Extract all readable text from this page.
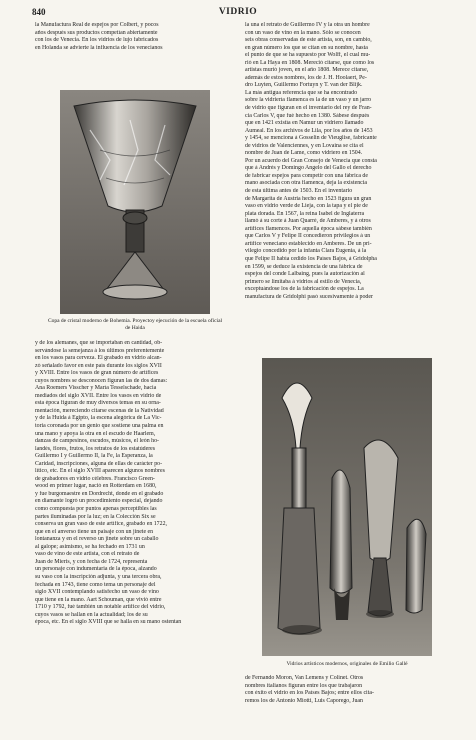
840	VIDRIO
la Manufactura Real de espejos por Colbert, y pocos
años después sus productos competían abiertamente
con los de Venecia. En los vidrios de lujo fabricados
en Holanda se advierte la influencia de los venecianos
Copa de cristal moderno de Bohemia. Proyectoy ejecución de la escuela oficial de Haida
y de los alemanes, que se importaban en cantidad, ob-
servándose la semejanza á los últimos preferentemente
en los vasos para cerveza. El grabado en vidrio alcan-
zó señalado favor en este país durante los siglos XVII
y XVIII. Entre los vasos de gran número de artífices
cuyos nombres se desconocen figuran las de dos damas:
Ana Roemers Visscher y María Tesselschade, hacia
mediados del siglo XVII. Entre los vasos en vidrio de
esta época figuran de muy diversos temas en su orna-
mentación, mereciendo citarse escenas de la Natividad
y de la Huida á Egipto, la escena alegórica de La Vic-
toria coronada por un genio que sostiene una palma en
una mano y apoya la otra en el escudo de Haarlem,
danzas de campesinos, escudos, músicos, el león ho-
landés, flores, frutos, los retratos de los estatúderes
Guillermo I y Guillermo II, la Fe, la Esperanza, la
Caridad, inscripciones, alguna de ellas de carácter po-
lítico, etc. En el siglo XVIII aparecen algunos nombres
de grabadores en vidrio célebres. Francisco Green-
wood en primer lugar, nació en Rotterdam en 1680,
y fue burgomaestre en Dordrecht, donde en el grabado
en diamante logró un procedimiento especial, dejando
como compuesta por puntos apenas perceptibles las
partes iluminadas por la luz; en la Colección Six se
conserva un gran vaso de este artífice, grabado en 1722,
que en el anverso tiene un paisaje con un jinete en
lontananza y en el reverso un jinete sobre un caballo
al galope; asimismo, se ha fechado en 1731 un
vaso de vino de este artista, con el retrato de
Juan de Mieris, y con fecha de 1724, representa
un personaje con indumentaria de la época, alzando
su vaso con la inscripción adjunta, y una tercera obra,
fechada en 1743, tiene como tema un personaje del
siglo XVII contemplando satisfecho un vaso de vino
que tiene en la mano. Aart Schouman, que vivió entre
1710 y 1792, fué también un notable artífice del vidrio,
cuyos vasos se hallan en la actualidad; los de su
época, etc. En el siglo XVIII que se halla en su mano ostentan
la una el retrato de Guillermo IV y la otra un hombre
con un vaso de vino en la mano. Sólo se conocen
seis obras conservadas de este artista, son, en cambio,
en gran número los que se citan en su nombre, hasta
el punto de que se ha supuesto por Wolff, el cual mu-
rió en La Haya en 1808. Mereció citarse, que como los
artistas murió joven, en el año 1808. Merece citarse,
además de estos nombres, los de J. H. Hoolaert, Pe-
dro Luyten, Guillermo Fortuyn y T. van der Blijk.
La más antigua referencia que se ha encontrado
sobre la vidriería flamenca es la de un vaso y un jarro
de vidrio que figuran en el inventario del rey de Fran-
cia Carlos V, que fué hecho en 1380. Sábese después
que en 1421 existía en Namur un vidriero llamado
Aumeal. En los archivos de Lila, por los años de 1453
y 1454, se menciona á Gosselin de Vieuglise, fabricante
de vidrios de Valenciennes, y en Lovaina se cita el
nombre de Juan de Lame, como vidriero en 1504.
Por un acuerdo del Gran Consejo de Venecia que consta
que á Andrés y Domingo Angelo del Gallo el derecho
de fabricar espejos para competir con una fábrica de
mano asociada con otra flamenca, deja la existencia
de esta última antes de 1503. En el inventario
de Margarita de Austria hecho en 1523 figura un gran
vaso en vidrio verde de Lieja, con la tapa y el pie de
plata dorada. En 1567, la reina Isabel de Inglaterra
llamó á su corte á Juan Quarré, de Amberes, y á otros
artífices flamencos. Por aquella época sábese también
que Carlos V y Felipe II concedieron privilegios á un
artífice veneciano establecido en Amberes. De un pri-
vilegio concedido por la infanta Clara Eugenia, á la
que Felipe II había cedido los Países Bajos, á Gridolpha
en 1599, se deduce la existencia de una fábrica de
espejos del conde Lalbaing, pues la autorización al
primero se limitaba á vidrios al estilo de Venecia,
exceptuándose los de la fabricación de espejos. La
manufactura de Gridolphi pasó sucesivamente á poder
Vidrios artísticos modernos, originales de Emilio Gallé
de Fernando Moron, Van Lemens y Colinet. Otros
nombres italianos figuran entre los que trabajaron
con éxito el vidrio en los Países Bajos; entre ellos cita-
remos los de Antonio Miotti, Luis Caporego, Juan
